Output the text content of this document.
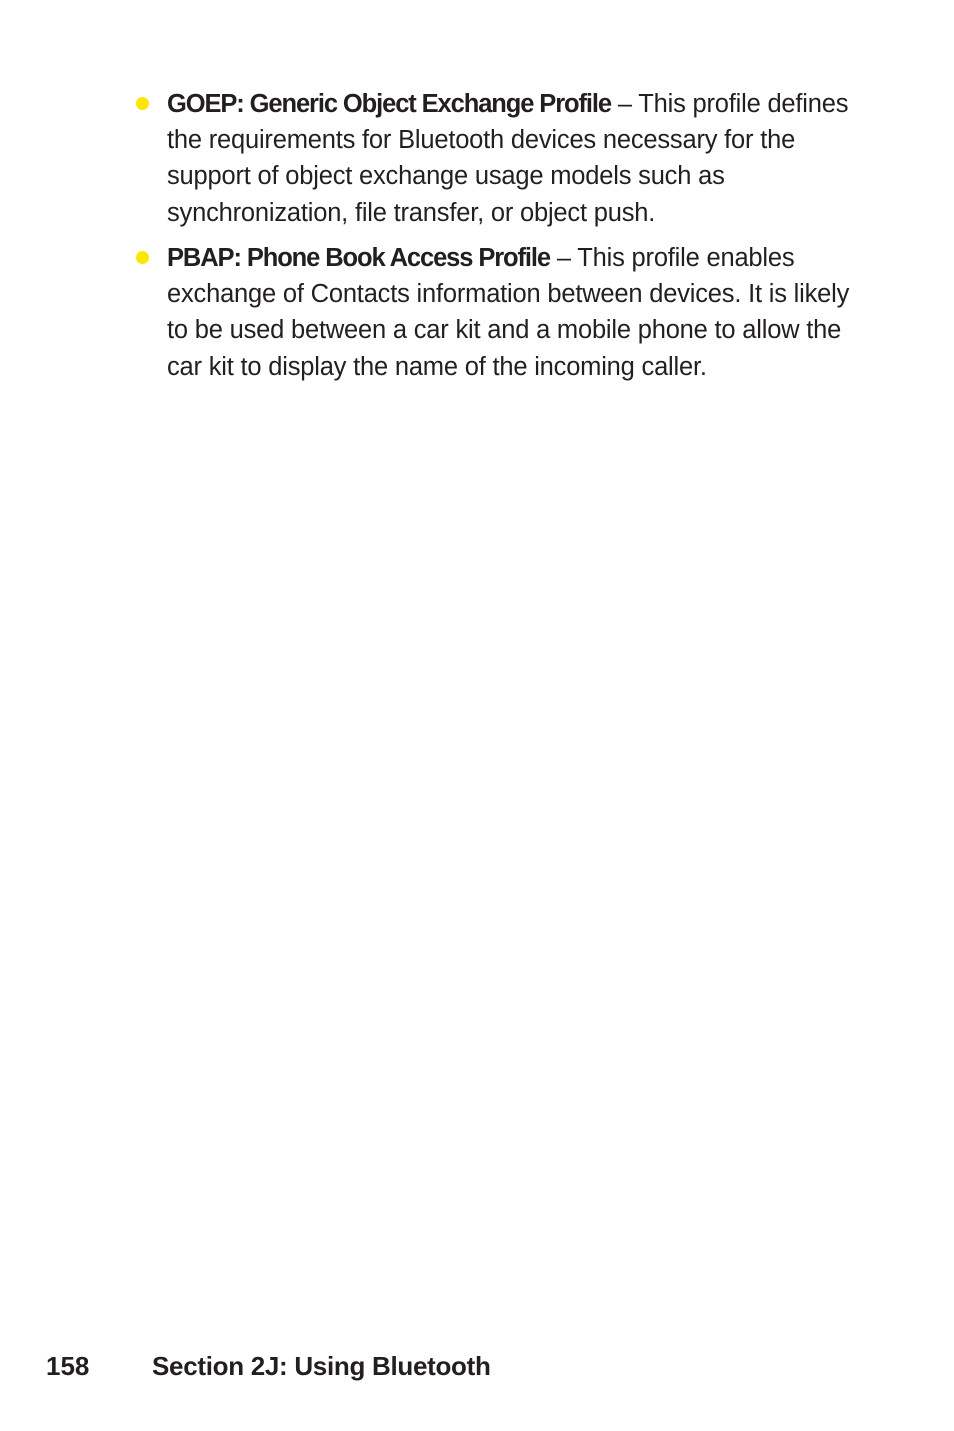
GOEP: Generic Object Exchange Profile – This profile defines the requirements for Bluetooth devices necessary for the support of object exchange usage models such as synchronization, file transfer, or object push.
PBAP: Phone Book Access Profile – This profile enables exchange of Contacts information between devices. It is likely to be used between a car kit and a mobile phone to allow the car kit to display the name of the incoming caller.
158 Section 2J: Using Bluetooth
